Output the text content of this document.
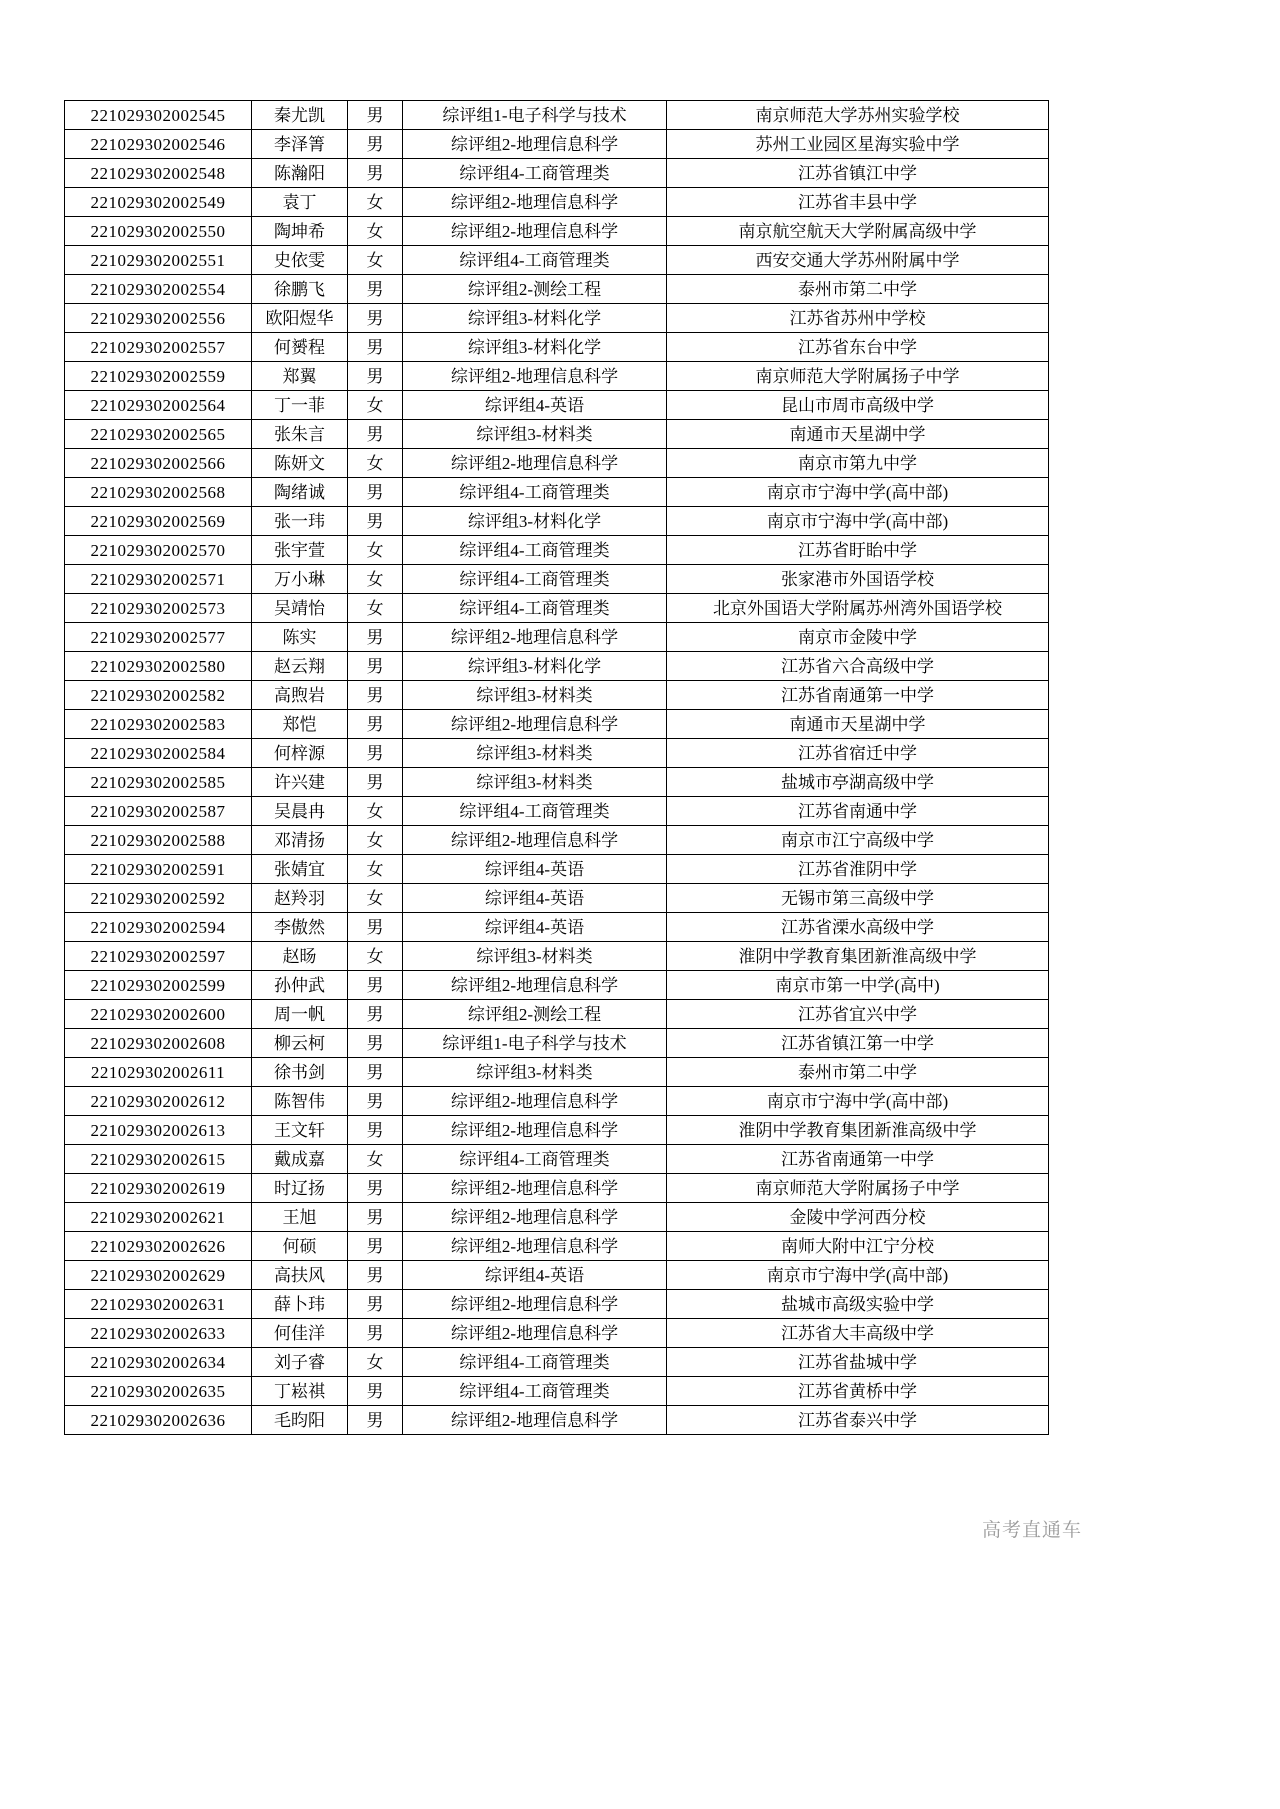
221029302002545	秦尤凯	男	综评组1-电子科学与技术	南京师范大学苏州实验学校
221029302002546	李泽箐	男	综评组2-地理信息科学	苏州工业园区星海实验中学
221029302002548	陈瀚阳	男	综评组4-工商管理类	江苏省镇江中学
221029302002549	袁丁	女	综评组2-地理信息科学	江苏省丰县中学
221029302002550	陶坤希	女	综评组2-地理信息科学	南京航空航天大学附属高级中学
221029302002551	史依雯	女	综评组4-工商管理类	西安交通大学苏州附属中学
221029302002554	徐鹏飞	男	综评组2-测绘工程	泰州市第二中学
221029302002556	欧阳煜华	男	综评组3-材料化学	江苏省苏州中学校
221029302002557	何赟程	男	综评组3-材料化学	江苏省东台中学
221029302002559	郑翼	男	综评组2-地理信息科学	南京师范大学附属扬子中学
221029302002564	丁一菲	女	综评组4-英语	昆山市周市高级中学
221029302002565	张朱言	男	综评组3-材料类	南通市天星湖中学
221029302002566	陈妍文	女	综评组2-地理信息科学	南京市第九中学
221029302002568	陶绪诚	男	综评组4-工商管理类	南京市宁海中学(高中部)
221029302002569	张一玮	男	综评组3-材料化学	南京市宁海中学(高中部)
221029302002570	张宇萱	女	综评组4-工商管理类	江苏省盱眙中学
221029302002571	万小琳	女	综评组4-工商管理类	张家港市外国语学校
221029302002573	吴靖怡	女	综评组4-工商管理类	北京外国语大学附属苏州湾外国语学校
221029302002577	陈实	男	综评组2-地理信息科学	南京市金陵中学
221029302002580	赵云翔	男	综评组3-材料化学	江苏省六合高级中学
221029302002582	高煦岩	男	综评组3-材料类	江苏省南通第一中学
221029302002583	郑恺	男	综评组2-地理信息科学	南通市天星湖中学
221029302002584	何梓源	男	综评组3-材料类	江苏省宿迁中学
221029302002585	许兴建	男	综评组3-材料类	盐城市亭湖高级中学
221029302002587	吴晨冉	女	综评组4-工商管理类	江苏省南通中学
221029302002588	邓清扬	女	综评组2-地理信息科学	南京市江宁高级中学
221029302002591	张婧宜	女	综评组4-英语	江苏省淮阴中学
221029302002592	赵羚羽	女	综评组4-英语	无锡市第三高级中学
221029302002594	李傲然	男	综评组4-英语	江苏省溧水高级中学
221029302002597	赵旸	女	综评组3-材料类	淮阴中学教育集团新淮高级中学
221029302002599	孙仲武	男	综评组2-地理信息科学	南京市第一中学(高中)
221029302002600	周一帆	男	综评组2-测绘工程	江苏省宜兴中学
221029302002608	柳云柯	男	综评组1-电子科学与技术	江苏省镇江第一中学
221029302002611	徐书剑	男	综评组3-材料类	泰州市第二中学
221029302002612	陈智伟	男	综评组2-地理信息科学	南京市宁海中学(高中部)
221029302002613	王文轩	男	综评组2-地理信息科学	淮阴中学教育集团新淮高级中学
221029302002615	戴成嘉	女	综评组4-工商管理类	江苏省南通第一中学
221029302002619	时辽扬	男	综评组2-地理信息科学	南京师范大学附属扬子中学
221029302002621	王旭	男	综评组2-地理信息科学	金陵中学河西分校
221029302002626	何硕	男	综评组2-地理信息科学	南师大附中江宁分校
221029302002629	高扶风	男	综评组4-英语	南京市宁海中学(高中部)
221029302002631	薛卜玮	男	综评组2-地理信息科学	盐城市高级实验中学
221029302002633	何佳洋	男	综评组2-地理信息科学	江苏省大丰高级中学
221029302002634	刘子睿	女	综评组4-工商管理类	江苏省盐城中学
221029302002635	丁崧祺	男	综评组4-工商管理类	江苏省黄桥中学
221029302002636	毛昀阳	男	综评组2-地理信息科学	江苏省泰兴中学
高考直通车
